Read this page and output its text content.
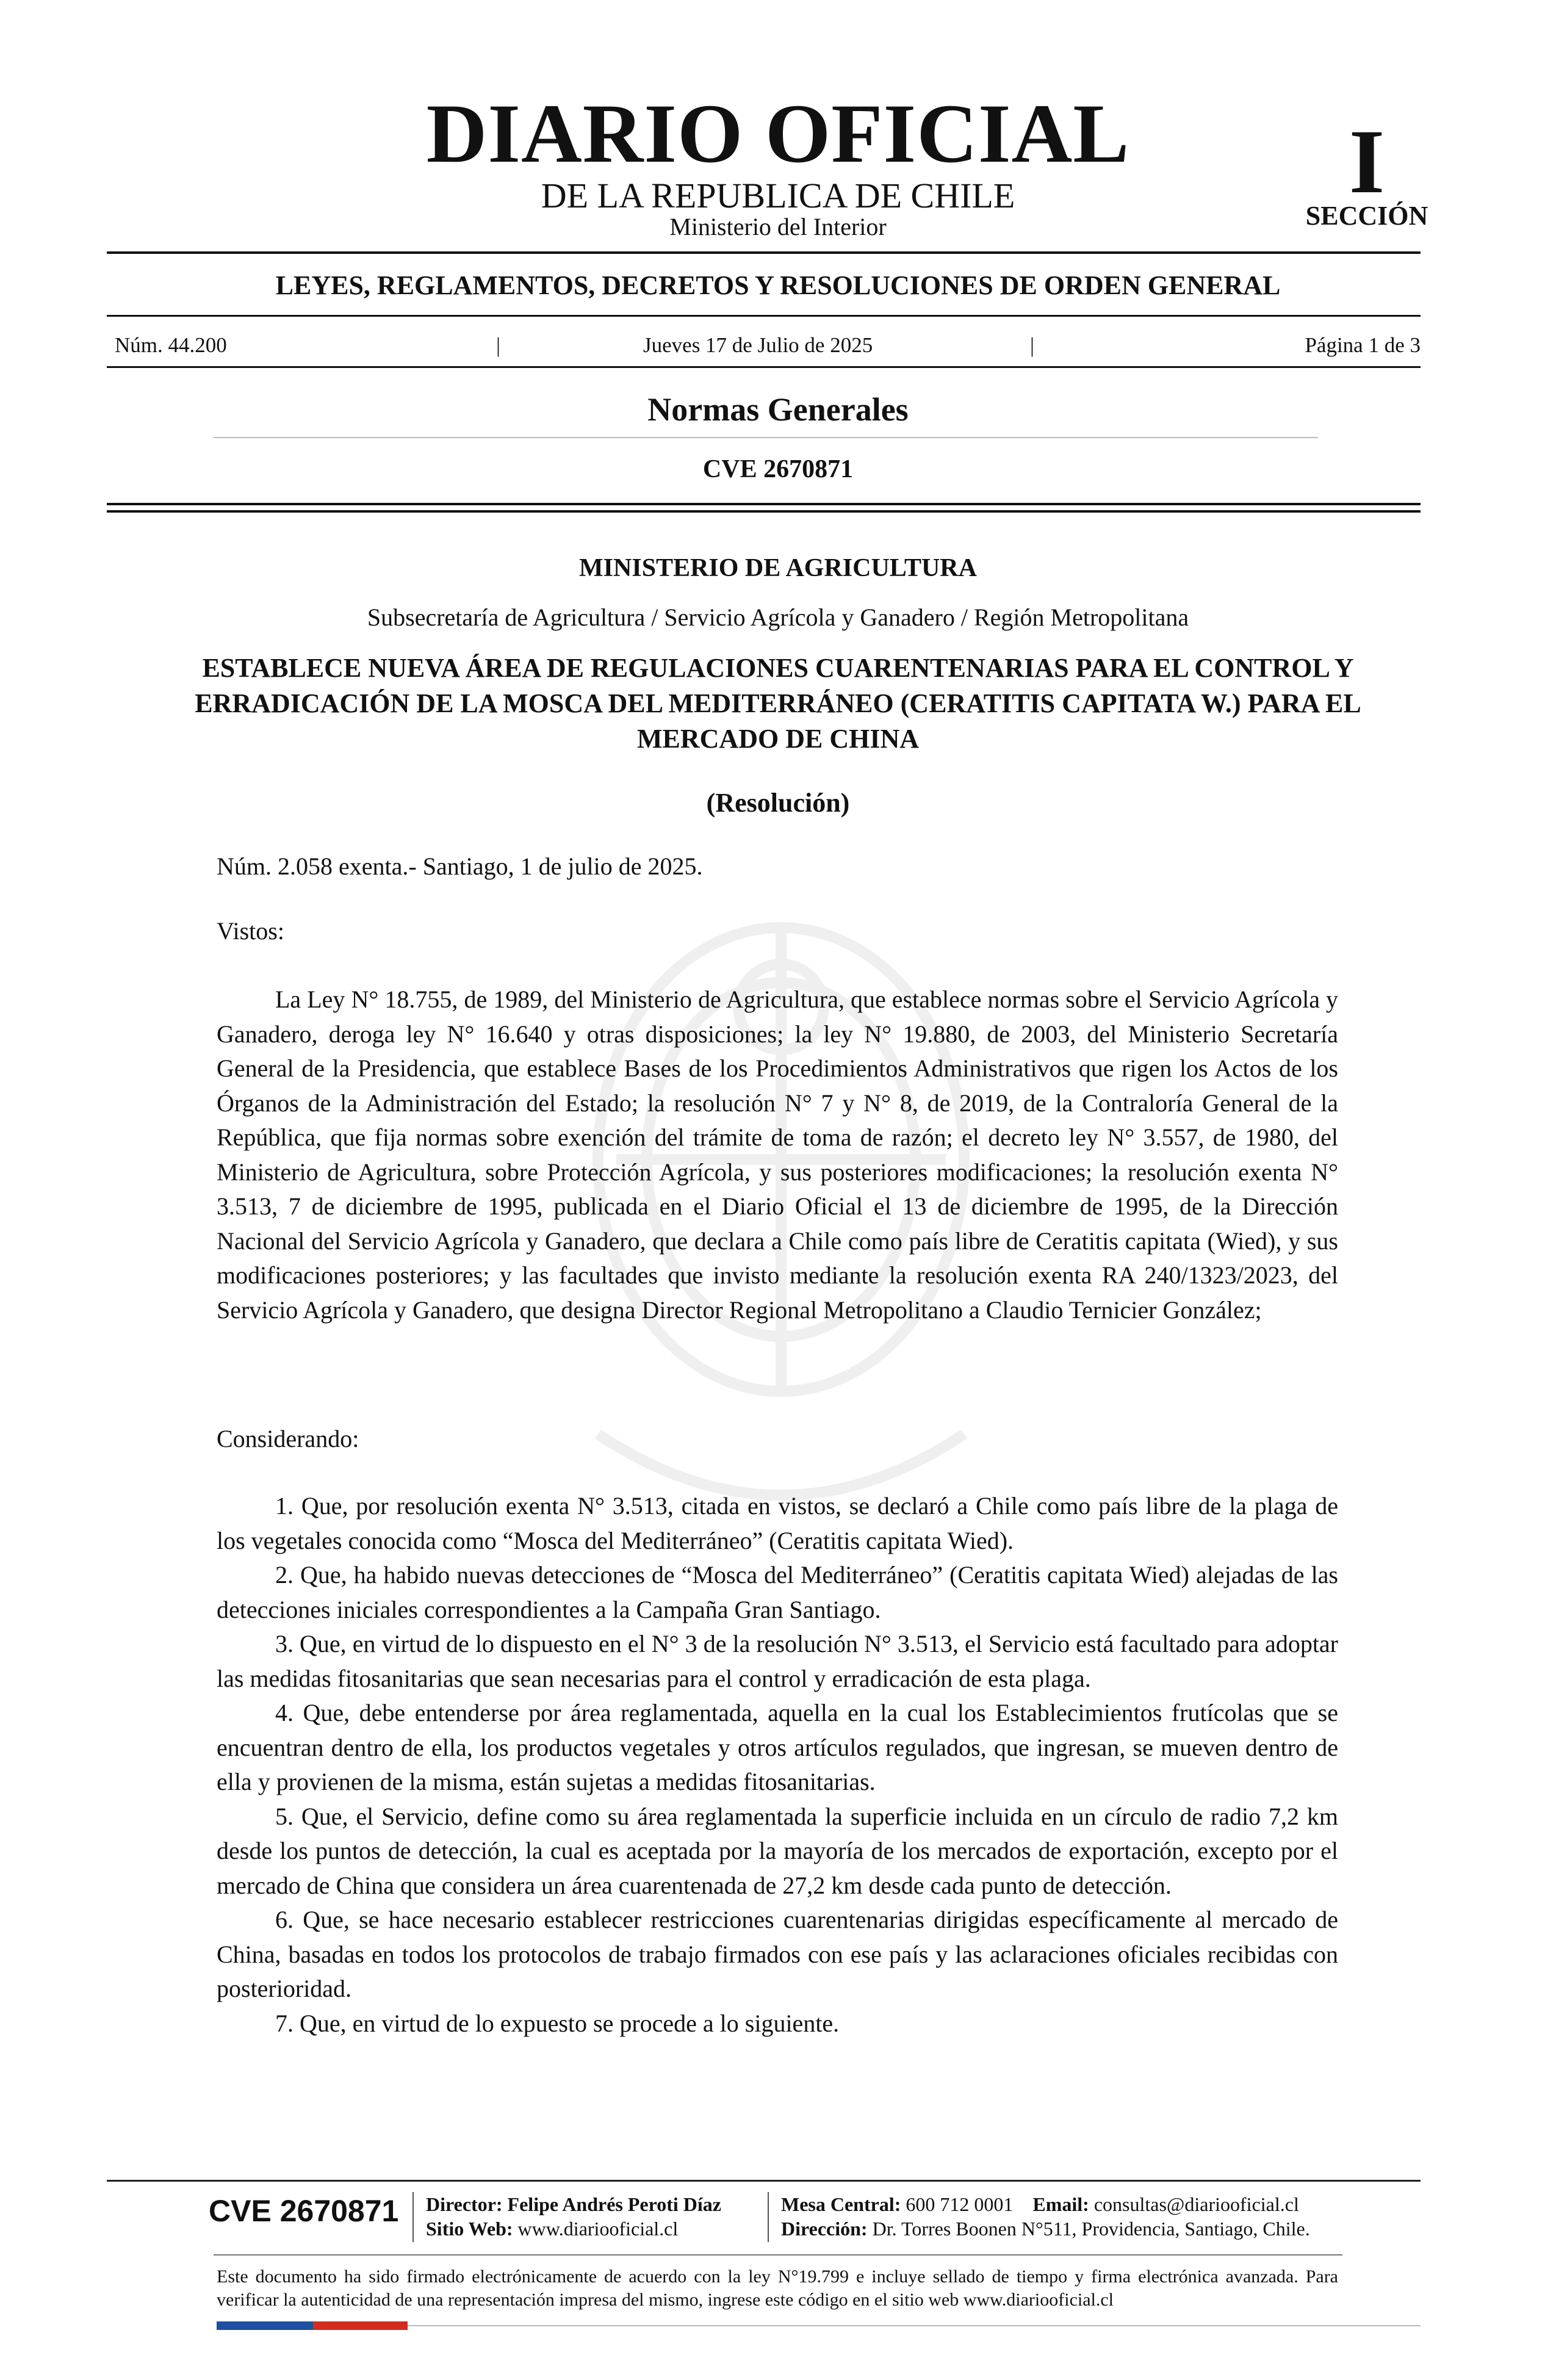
DIARIO OFICIAL
DE LA REPUBLICA DE CHILE
Ministerio del Interior
I
SECCIÓN
LEYES, REGLAMENTOS, DECRETOS Y RESOLUCIONES DE ORDEN GENERAL
Núm. 44.200	|	Jueves 17 de Julio de 2025	|	Página 1 de 3
Normas Generales
CVE 2670871
MINISTERIO DE AGRICULTURA
Subsecretaría de Agricultura / Servicio Agrícola y Ganadero / Región Metropolitana
ESTABLECE NUEVA ÁREA DE REGULACIONES CUARENTENARIAS PARA EL CONTROL Y ERRADICACIÓN DE LA MOSCA DEL MEDITERRÁNEO (CERATITIS CAPITATA W.) PARA EL MERCADO DE CHINA
(Resolución)
Núm. 2.058 exenta.- Santiago, 1 de julio de 2025.
Vistos:
La Ley N° 18.755, de 1989, del Ministerio de Agricultura, que establece normas sobre el Servicio Agrícola y Ganadero, deroga ley N° 16.640 y otras disposiciones; la ley N° 19.880, de 2003, del Ministerio Secretaría General de la Presidencia, que establece Bases de los Procedimientos Administrativos que rigen los Actos de los Órganos de la Administración del Estado; la resolución N° 7 y N° 8, de 2019, de la Contraloría General de la República, que fija normas sobre exención del trámite de toma de razón; el decreto ley N° 3.557, de 1980, del Ministerio de Agricultura, sobre Protección Agrícola, y sus posteriores modificaciones; la resolución exenta N° 3.513, 7 de diciembre de 1995, publicada en el Diario Oficial el 13 de diciembre de 1995, de la Dirección Nacional del Servicio Agrícola y Ganadero, que declara a Chile como país libre de Ceratitis capitata (Wied), y sus modificaciones posteriores; y las facultades que invisto mediante la resolución exenta RA 240/1323/2023, del Servicio Agrícola y Ganadero, que designa Director Regional Metropolitano a Claudio Ternicier González;
Considerando:

1. Que, por resolución exenta N° 3.513, citada en vistos, se declaró a Chile como país libre de la plaga de los vegetales conocida como “Mosca del Mediterráneo” (Ceratitis capitata Wied).

2. Que, ha habido nuevas detecciones de “Mosca del Mediterráneo” (Ceratitis capitata Wied) alejadas de las detecciones iniciales correspondientes a la Campaña Gran Santiago.

3. Que, en virtud de lo dispuesto en el N° 3 de la resolución N° 3.513, el Servicio está facultado para adoptar las medidas fitosanitarias que sean necesarias para el control y erradicación de esta plaga.

4. Que, debe entenderse por área reglamentada, aquella en la cual los Establecimientos frutícolas que se encuentran dentro de ella, los productos vegetales y otros artículos regulados, que ingresan, se mueven dentro de ella y provienen de la misma, están sujetas a medidas fitosanitarias.

5. Que, el Servicio, define como su área reglamentada la superficie incluida en un círculo de radio 7,2 km desde los puntos de detección, la cual es aceptada por la mayoría de los mercados de exportación, excepto por el mercado de China que considera un área cuarentenada de 27,2 km desde cada punto de detección.

6. Que, se hace necesario establecer restricciones cuarentenarias dirigidas específicamente al mercado de China, basadas en todos los protocolos de trabajo firmados con ese país y las aclaraciones oficiales recibidas con posterioridad.

7. Que, en virtud de lo expuesto se procede a lo siguiente.

CVE 2670871 Director: Felipe Andrés Peroti Díaz
Sitio Web: www.diariooficial.cl
Mesa Central: 600 712 0001 Email: consultas@diariooficial.cl
Dirección: Dr. Torres Boonen N°511, Providencia, Santiago, Chile.
Este documento ha sido firmado electrónicamente de acuerdo con la ley N°19.799 e incluye sellado de tiempo y firma electrónica avanzada. Para verificar la autenticidad de una representación impresa del mismo, ingrese este código en el sitio web www.diariooficial.cl
